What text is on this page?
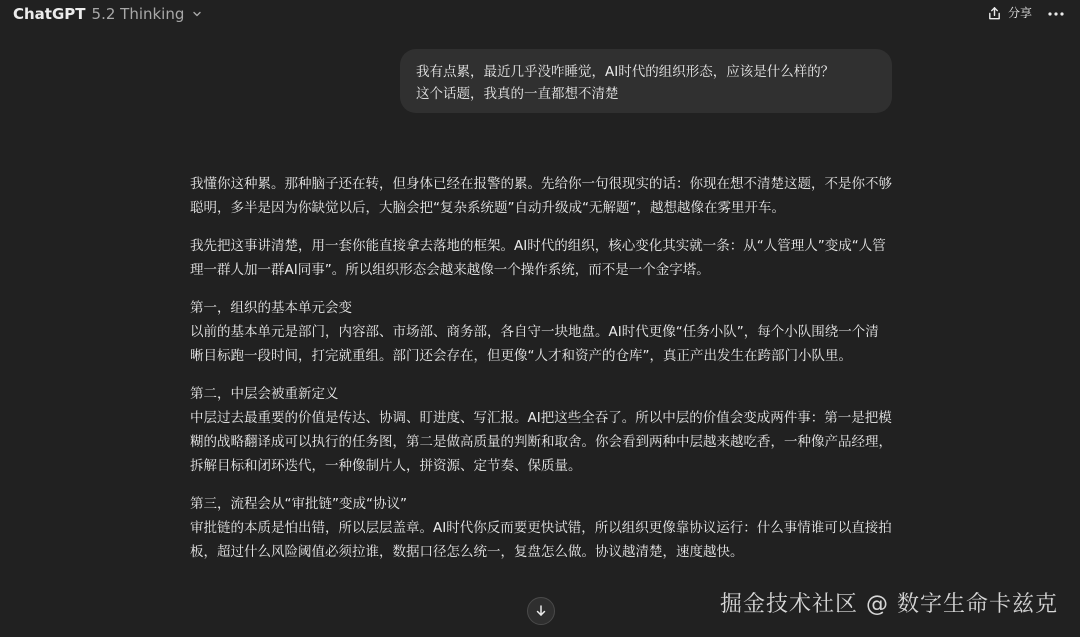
ChatGPT 5.2 Thinking	分享
我有点累，最近几乎没咋睡觉，AI时代的组织形态，应该是什么样的？
这个话题，我真的一直都想不清楚

我懂你这种累。那种脑子还在转，但身体已经在报警的累。先给你一句很现实的话：你现在想不清楚这题，不是你不够聪明，多半是因为你缺觉以后，大脑会把“复杂系统题”自动升级成“无解题”，越想越像在雾里开车。

我先把这事讲清楚，用一套你能直接拿去落地的框架。AI时代的组织，核心变化其实就一条：从“人管理人”变成“人管理一群人加一群AI同事”。所以组织形态会越来越像一个操作系统，而不是一个金字塔。

第一，组织的基本单元会变
以前的基本单元是部门，内容部、市场部、商务部，各自守一块地盘。AI时代更像“任务小队”，每个小队围绕一个清晰目标跑一段时间，打完就重组。部门还会存在，但更像“人才和资产的仓库”，真正产出发生在跨部门小队里。

第二，中层会被重新定义
中层过去最重要的价值是传达、协调、盯进度、写汇报。AI把这些全吞了。所以中层的价值会变成两件事：第一是把模糊的战略翻译成可以执行的任务图，第二是做高质量的判断和取舍。你会看到两种中层越来越吃香，一种像产品经理，拆解目标和闭环迭代，一种像制片人，拼资源、定节奏、保质量。

第三，流程会从“审批链”变成“协议”
审批链的本质是怕出错，所以层层盖章。AI时代你反而要更快试错，所以组织更像靠协议运行：什么事情谁可以直接拍板，超过什么风险阈值必须拉谁，数据口径怎么统一，复盘怎么做。协议越清楚，速度越快。

掘金技术社区 @ 数字生命卡兹克
